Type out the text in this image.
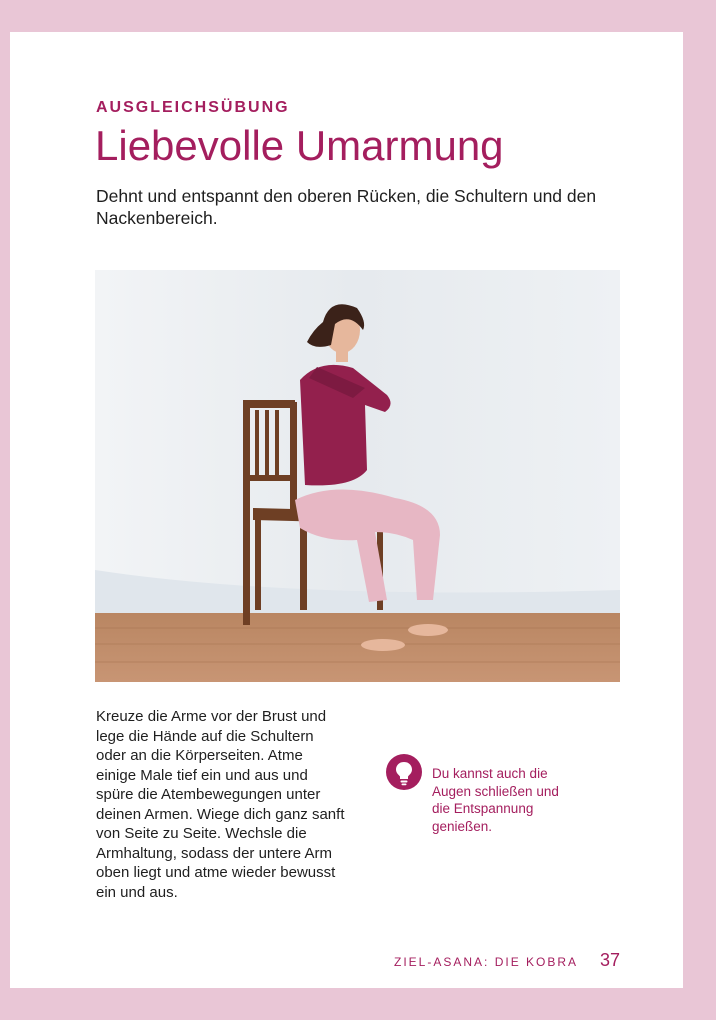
AUSGLEICHSÜBUNG
Liebevolle Umarmung
Dehnt und entspannt den oberen Rücken, die Schultern und den Nackenbereich.
Kreuze die Arme vor der Brust und lege die Hände auf die Schultern oder an die Körperseiten. Atme einige Male tief ein und aus und spüre die Atembewegungen unter deinen Armen. Wiege dich ganz sanft von Seite zu Seite. Wechsle die Armhaltung, sodass der untere Arm oben liegt und atme wieder bewusst ein und aus.
Du kannst auch die Augen schließen und die Entspannung genießen.
ZIEL-ASANA: DIE KOBRA 37
